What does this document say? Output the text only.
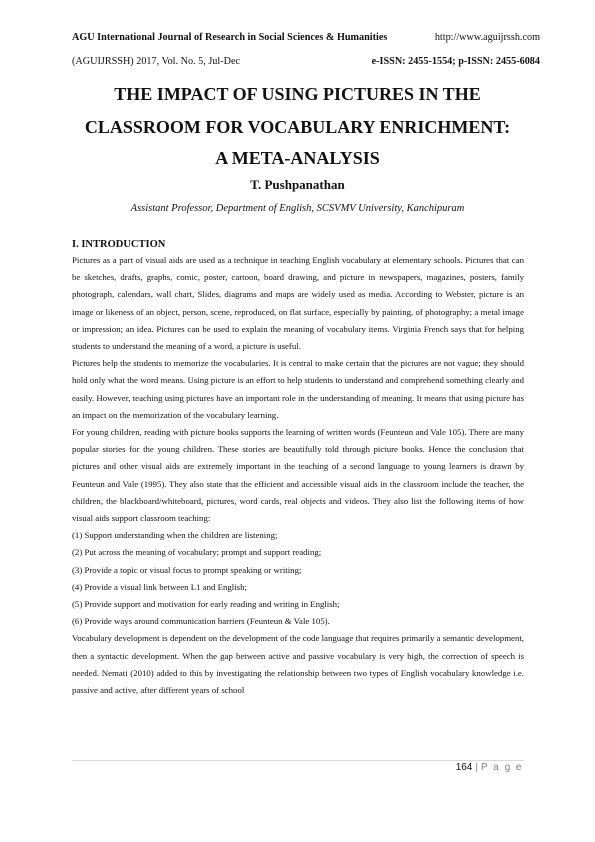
AGU International Journal of Research in Social Sciences & Humanities	http://www.aguijrssh.com
(AGUIJRSSH) 2017, Vol. No. 5, Jul-Dec	e-ISSN: 2455-1554; p-ISSN: 2455-6084
THE IMPACT OF USING PICTURES IN THE
CLASSROOM FOR VOCABULARY ENRICHMENT:
A META-ANALYSIS
T. Pushpanathan
Assistant Professor, Department of English, SCSVMV University, Kanchipuram

I. INTRODUCTION

Pictures as a part of visual aids are used as a technique in teaching English vocabulary at elementary schools. Pictures that can be sketches, drafts, graphs, comic, poster, cartoon, board drawing, and picture in newspapers, magazines, posters, family photograph, calendars, wall chart, Slides, diagrams and maps are widely used as media. According to Webster, picture is an image or likeness of an object, person, scene, reproduced, on flat surface, especially by painting, of photography; a metal image or impression; an idea. Pictures can be used to explain the meaning of vocabulary items. Virginia French says that for helping students to understand the meaning of a word, a picture is useful.

Pictures help the students to memorize the vocabularies. It is central to make certain that the pictures are not vague; they should hold only what the word means. Using picture is an effort to help students to understand and comprehend something clearly and easily. However, teaching using pictures have an important role in the understanding of meaning. It means that using picture has an impact on the memorization of the vocabulary learning.

For young children, reading with picture books supports the learning of written words (Feunteun and Vale 105). There are many popular stories for the young children. These stories are beautifully told through picture books. Hence the conclusion that pictures and other visual aids are extremely important in the teaching of a second language to young learners is drawn by Feunteun and Vale (1995). They also state that the efficient and accessible visual aids in the classroom include the teacher, the children, the blackboard/whiteboard, pictures, word cards, real objects and videos. They also list the following items of how visual aids support classroom teaching:

(1) Support understanding when the children are listening;

(2) Put across the meaning of vocabulary; prompt and support reading;

(3) Provide a topic or visual focus to prompt speaking or writing;

(4) Provide a visual link between L1 and English;

(5) Provide support and motivation for early reading and writing in English;

(6) Provide ways around communication barriers (Feunteun & Vale 105).

Vocabulary development is dependent on the development of the code language that requires primarily a semantic development, then a syntactic development. When the gap between active and passive vocabulary is very high, the correction of speech is needed. Nemati (2010) added to this by investigating the relationship between two types of English vocabulary knowledge i.e. passive and active, after different years of school

164 | P a g e
